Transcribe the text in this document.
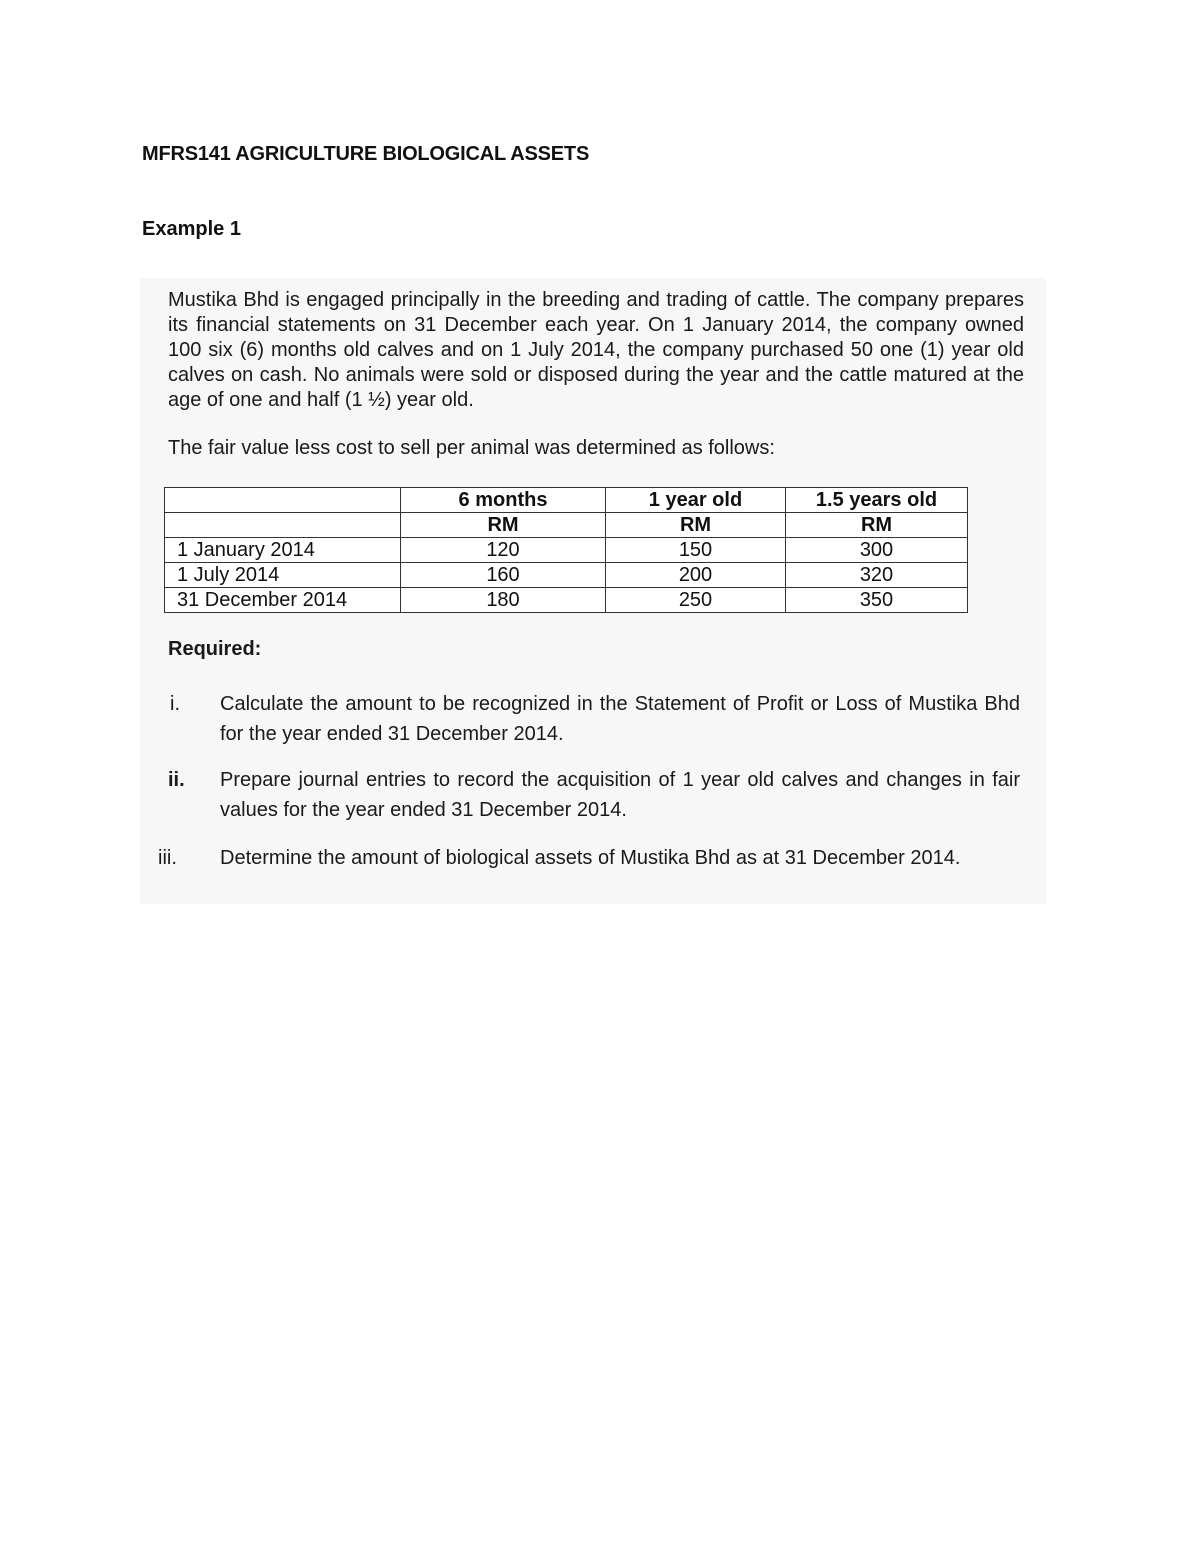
MFRS141 AGRICULTURE BIOLOGICAL ASSETS
Example 1
Mustika Bhd is engaged principally in the breeding and trading of cattle. The company prepares its financial statements on 31 December each year. On 1 January 2014, the company owned 100 six (6) months old calves and on 1 July 2014, the company purchased 50 one (1) year old calves on cash. No animals were sold or disposed during the year and the cattle matured at the age of one and half (1 ½) year old.
The fair value less cost to sell per animal was determined as follows:
	6 months	1 year old	1.5 years old
	RM	RM	RM
1 January 2014	120	150	300
1 July 2014	160	200	320
31 December 2014	180	250	350
Required:
i.	Calculate the amount to be recognized in the Statement of Profit or Loss of Mustika Bhd for the year ended 31 December 2014.
ii.	Prepare journal entries to record the acquisition of 1 year old calves and changes in fair values for the year ended 31 December 2014.
iii.	Determine the amount of biological assets of Mustika Bhd as at 31 December 2014.
